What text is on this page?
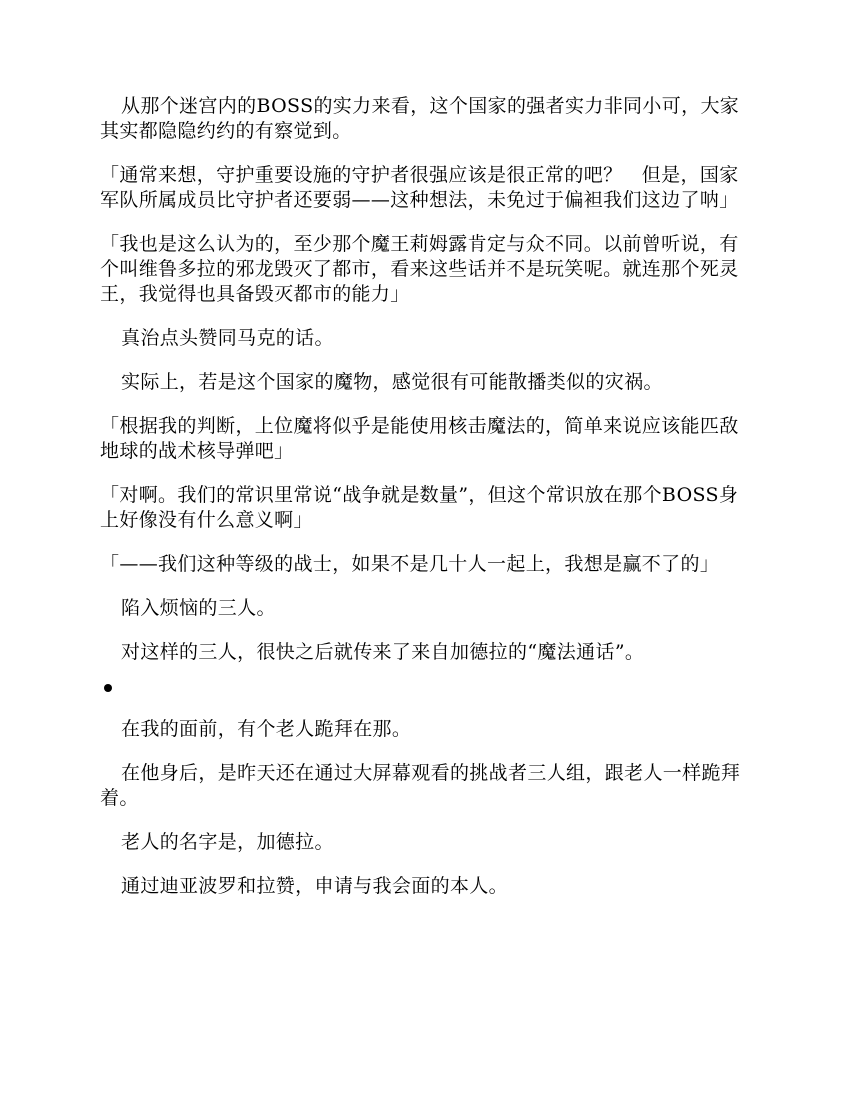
从那个迷宫内的BOSS的实力来看，这个国家的强者实力非同小可，大家其实都隐隐约约的有察觉到。

「通常来想，守护重要设施的守护者很强应该是很正常的吧？　但是，国家军队所属成员比守护者还要弱——这种想法，未免过于偏袒我们这边了呐」

「我也是这么认为的，至少那个魔王莉姆露肯定与众不同。以前曾听说，有个叫维鲁多拉的邪龙毁灭了都市，看来这些话并不是玩笑呢。就连那个死灵王，我觉得也具备毁灭都市的能力」

真治点头赞同马克的话。

实际上，若是这个国家的魔物，感觉很有可能散播类似的灾祸。

「根据我的判断，上位魔将似乎是能使用核击魔法的，简单来说应该能匹敌地球的战术核导弹吧」

「对啊。我们的常识里常说“战争就是数量”，但这个常识放在那个BOSS身上好像没有什么意义啊」

「——我们这种等级的战士，如果不是几十人一起上，我想是赢不了的」

陷入烦恼的三人。

对这样的三人，很快之后就传来了来自加德拉的“魔法通话”。

在我的面前，有个老人跪拜在那。

在他身后，是昨天还在通过大屏幕观看的挑战者三人组，跟老人一样跪拜着。

老人的名字是，加德拉。

通过迪亚波罗和拉赞，申请与我会面的本人。
